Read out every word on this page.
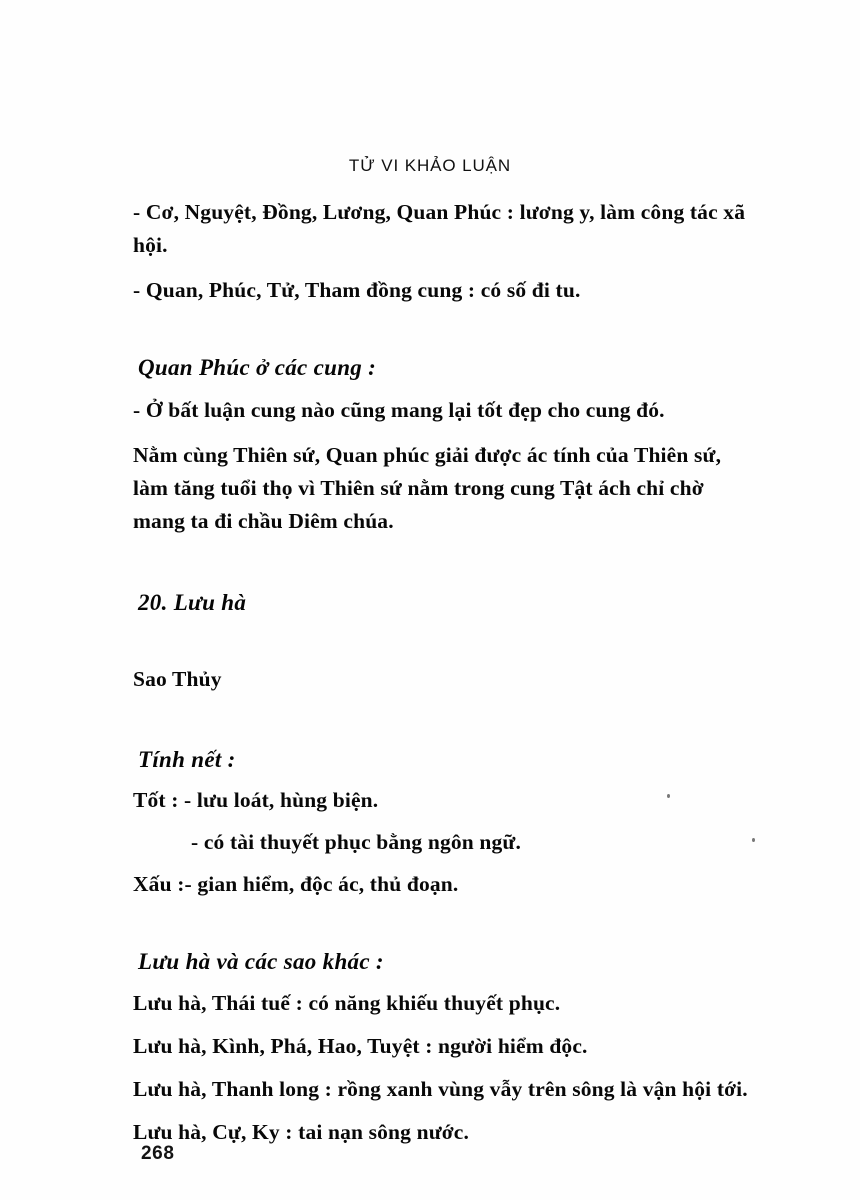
TỬ VI KHẢO LUẬN

- Cơ, Nguyệt, Đồng, Lương, Quan Phúc : lương y, làm công tác xã hội.

- Quan, Phúc, Tử, Tham đồng cung : có số đi tu.

Quan Phúc ở các cung :

- Ở bất luận cung nào cũng mang lại tốt đẹp cho cung đó.

Nằm cùng Thiên sứ, Quan phúc giải được ác tính của Thiên sứ, làm tăng tuổi thọ vì Thiên sứ nằm trong cung Tật ách chỉ chờ mang ta đi chầu Diêm chúa.

20. Lưu hà

Sao Thủy

Tính nết :

Tốt : - lưu loát, hùng biện.

- có tài thuyết phục bằng ngôn ngữ.

Xấu :- gian hiểm, độc ác, thủ đoạn.

Lưu hà và các sao khác :

Lưu hà, Thái tuế : có năng khiếu thuyết phục.

Lưu hà, Kình, Phá, Hao, Tuyệt : người hiểm độc.

Lưu hà, Thanh long : rồng xanh vùng vẫy trên sông là vận hội tới.

Lưu hà, Cự, Ky : tai nạn sông nước.

268
